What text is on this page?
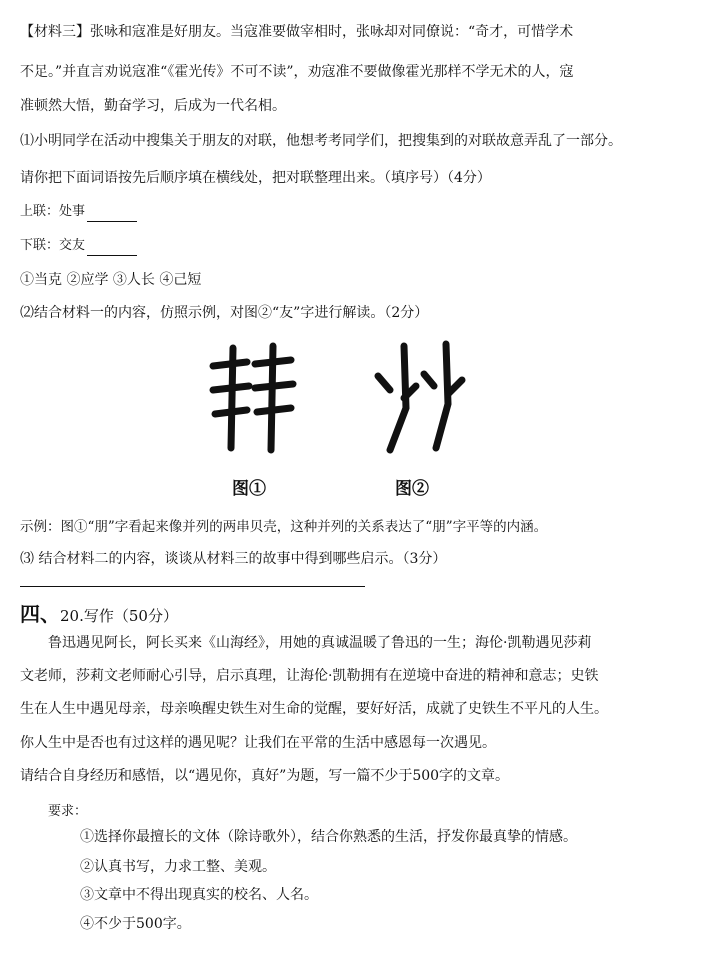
【材料三】张咏和寇准是好朋友。当寇准要做宰相时，张咏却对同僚说：“奇才，可惜学术
不足。”并直言劝说寇准“《霍光传》不可不读”，劝寇准不要做像霍光那样不学无术的人，寇
准顿然大悟，勤奋学习，后成为一代名相。
⑴小明同学在活动中搜集关于朋友的对联，他想考考同学们，把搜集到的对联故意弄乱了一部分。
请你把下面词语按先后顺序填在横线处，把对联整理出来。（填序号）（4分）
上联：处事
下联：交友
①当克 ②应学 ③人长 ④己短
⑵结合材料一的内容，仿照示例，对图②“友”字进行解读。（2分）
图①	图②
示例：图①“朋”字看起来像并列的两串贝壳，这种并列的关系表达了“朋”字平等的内涵。
⑶ 结合材料二的内容，谈谈从材料三的故事中得到哪些启示。（3分）
四、20.写作（50分）
鲁迅遇见阿长，阿长买来《山海经》，用她的真诚温暖了鲁迅的一生；海伦·凯勒遇见莎莉
文老师，莎莉文老师耐心引导，启示真理，让海伦·凯勒拥有在逆境中奋进的精神和意志；史铁
生在人生中遇见母亲，母亲唤醒史铁生对生命的觉醒，要好好活，成就了史铁生不平凡的人生。
你人生中是否也有过这样的遇见呢？让我们在平常的生活中感恩每一次遇见。
请结合自身经历和感悟，以“遇见你，真好”为题，写一篇不少于500字的文章。
要求：
①选择你最擅长的文体（除诗歌外），结合你熟悉的生活，抒发你最真挚的情感。
②认真书写，力求工整、美观。
③文章中不得出现真实的校名、人名。
④不少于500字。
